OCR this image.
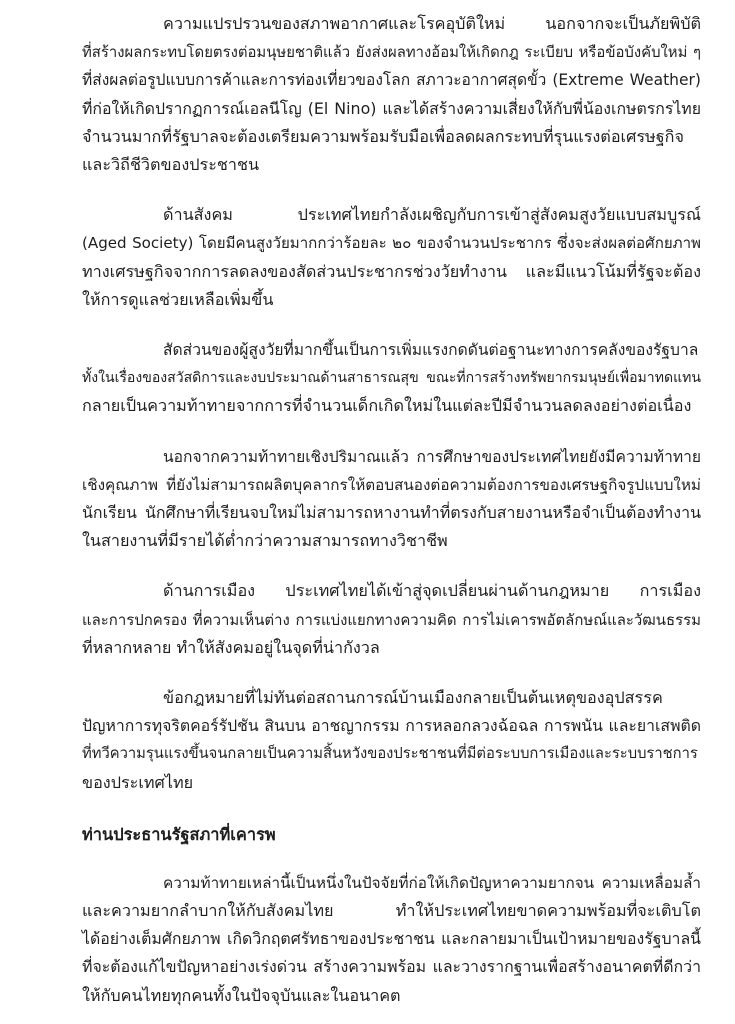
ความแปรปรวนของสภาพอากาศและโรคอุบัติใหม่ นอกจากจะเป็นภัยพิบัติ
ที่สร้างผลกระทบโดยตรงต่อมนุษยชาติแล้ว ยังส่งผลทางอ้อมให้เกิดกฎ ระเบียบ หรือข้อบังคับใหม่ ๆ
ที่ส่งผลต่อรูปแบบการค้าและการท่องเที่ยวของโลก สภาวะอากาศสุดขั้ว (Extreme Weather)
ที่ก่อให้เกิดปรากฏการณ์เอลนีโญ (El Nino) และได้สร้างความเสี่ยงให้กับพี่น้องเกษตรกรไทย
จำนวนมากที่รัฐบาลจะต้องเตรียมความพร้อมรับมือเพื่อลดผลกระทบที่รุนแรงต่อเศรษฐกิจ
และวิถีชีวิตของประชาชน

ด้านสังคม ประเทศไทยกำลังเผชิญกับการเข้าสู่สังคมสูงวัยแบบสมบูรณ์
(Aged Society) โดยมีคนสูงวัยมากกว่าร้อยละ ๒๐ ของจำนวนประชากร ซึ่งจะส่งผลต่อศักยภาพ
ทางเศรษฐกิจจากการลดลงของสัดส่วนประชากรช่วงวัยทำงาน และมีแนวโน้มที่รัฐจะต้อง
ให้การดูแลช่วยเหลือเพิ่มขึ้น

สัดส่วนของผู้สูงวัยที่มากขึ้นเป็นการเพิ่มแรงกดดันต่อฐานะทางการคลังของรัฐบาล
ทั้งในเรื่องของสวัสดิการและงบประมาณด้านสาธารณสุข ขณะที่การสร้างทรัพยากรมนุษย์เพื่อมาทดแทน
กลายเป็นความท้าทายจากการที่จำนวนเด็กเกิดใหม่ในแต่ละปีมีจำนวนลดลงอย่างต่อเนื่อง

นอกจากความท้าทายเชิงปริมาณแล้ว การศึกษาของประเทศไทยยังมีความท้าทาย
เชิงคุณภาพ ที่ยังไม่สามารถผลิตบุคลากรให้ตอบสนองต่อความต้องการของเศรษฐกิจรูปแบบใหม่
นักเรียน นักศึกษาที่เรียนจบใหม่ไม่สามารถหางานทำที่ตรงกับสายงานหรือจำเป็นต้องทำงาน
ในสายงานที่มีรายได้ต่ำกว่าความสามารถทางวิชาชีพ

ด้านการเมือง ประเทศไทยได้เข้าสู่จุดเปลี่ยนผ่านด้านกฎหมาย การเมือง
และการปกครอง ที่ความเห็นต่าง การแบ่งแยกทางความคิด การไม่เคารพอัตลักษณ์และวัฒนธรรม
ที่หลากหลาย ทำให้สังคมอยู่ในจุดที่น่ากังวล

ข้อกฎหมายที่ไม่ทันต่อสถานการณ์บ้านเมืองกลายเป็นต้นเหตุของอุปสรรค
ปัญหาการทุจริตคอร์รัปชัน สินบน อาชญากรรม การหลอกลวงฉ้อฉล การพนัน และยาเสพติด
ที่ทวีความรุนแรงขึ้นจนกลายเป็นความสิ้นหวังของประชาชนที่มีต่อระบบการเมืองและระบบราชการ
ของประเทศไทย

ท่านประธานรัฐสภาที่เคารพ

ความท้าทายเหล่านี้เป็นหนึ่งในปัจจัยที่ก่อให้เกิดปัญหาความยากจน ความเหลื่อมล้ำ
และความยากลำบากให้กับสังคมไทย ทำให้ประเทศไทยขาดความพร้อมที่จะเติบโต
ได้อย่างเต็มศักยภาพ เกิดวิกฤตศรัทธาของประชาชน และกลายมาเป็นเป้าหมายของรัฐบาลนี้
ที่จะต้องแก้ไขปัญหาอย่างเร่งด่วน สร้างความพร้อม และวางรากฐานเพื่อสร้างอนาคตที่ดีกว่า
ให้กับคนไทยทุกคนทั้งในปัจจุบันและในอนาคต
